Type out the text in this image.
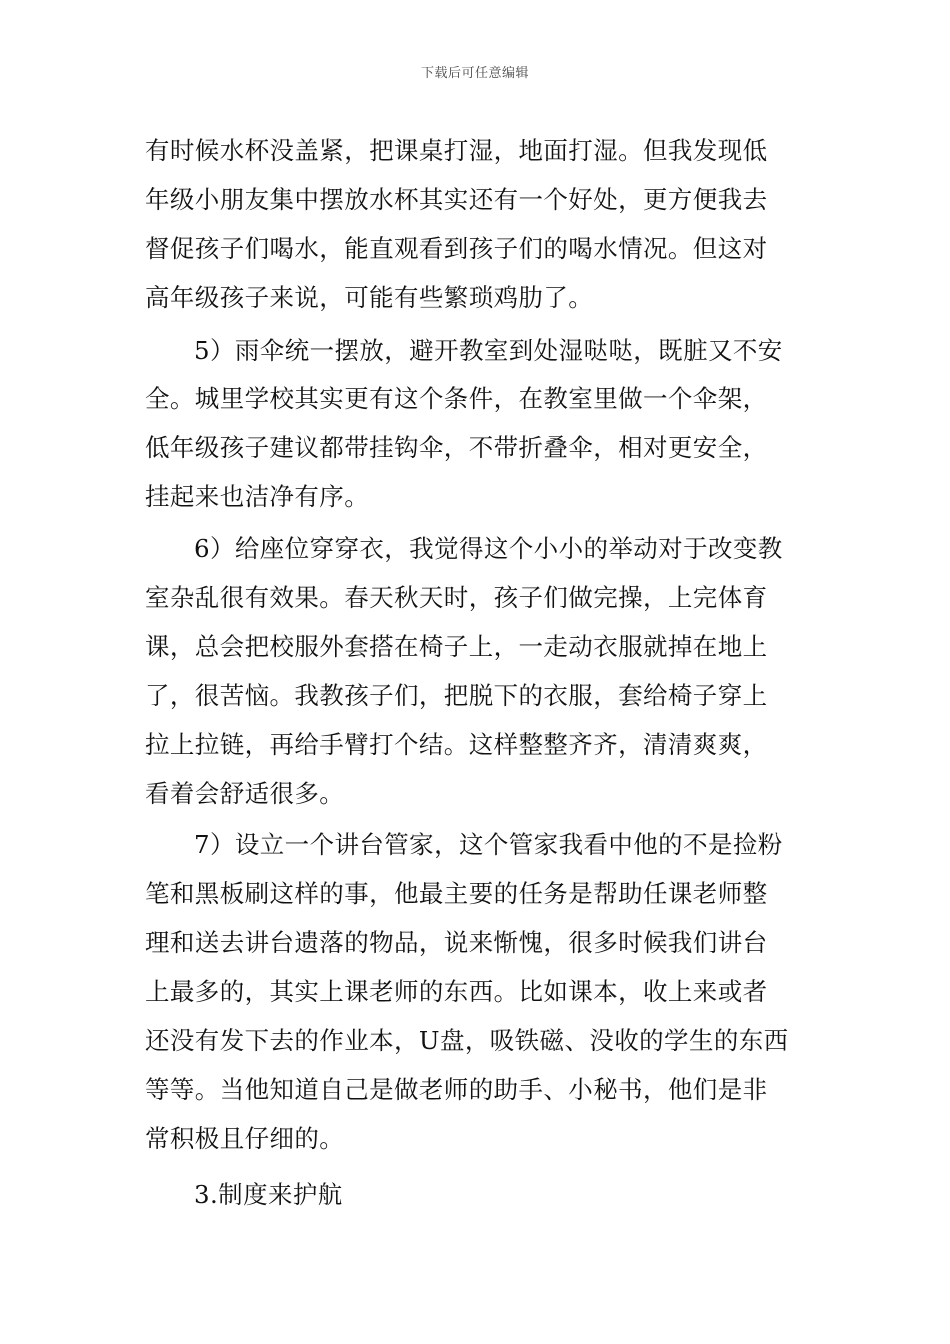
下载后可任意编辑
有时候水杯没盖紧，把课桌打湿，地面打湿。但我发现低
年级小朋友集中摆放水杯其实还有一个好处，更方便我去
督促孩子们喝水，能直观看到孩子们的喝水情况。但这对
高年级孩子来说，可能有些繁琐鸡肋了。
5）雨伞统一摆放，避开教室到处湿哒哒，既脏又不安
全。城里学校其实更有这个条件，在教室里做一个伞架，
低年级孩子建议都带挂钩伞，不带折叠伞，相对更安全，
挂起来也洁净有序。
6）给座位穿穿衣，我觉得这个小小的举动对于改变教
室杂乱很有效果。春天秋天时，孩子们做完操，上完体育
课，总会把校服外套搭在椅子上，一走动衣服就掉在地上
了，很苦恼。我教孩子们，把脱下的衣服，套给椅子穿上
拉上拉链，再给手臂打个结。这样整整齐齐，清清爽爽，
看着会舒适很多。
7）设立一个讲台管家，这个管家我看中他的不是捡粉
笔和黑板刷这样的事，他最主要的任务是帮助任课老师整
理和送去讲台遗落的物品，说来惭愧，很多时候我们讲台
上最多的，其实上课老师的东西。比如课本，收上来或者
还没有发下去的作业本，U盘，吸铁磁、没收的学生的东西
等等。当他知道自己是做老师的助手、小秘书，他们是非
常积极且仔细的。
3.制度来护航
